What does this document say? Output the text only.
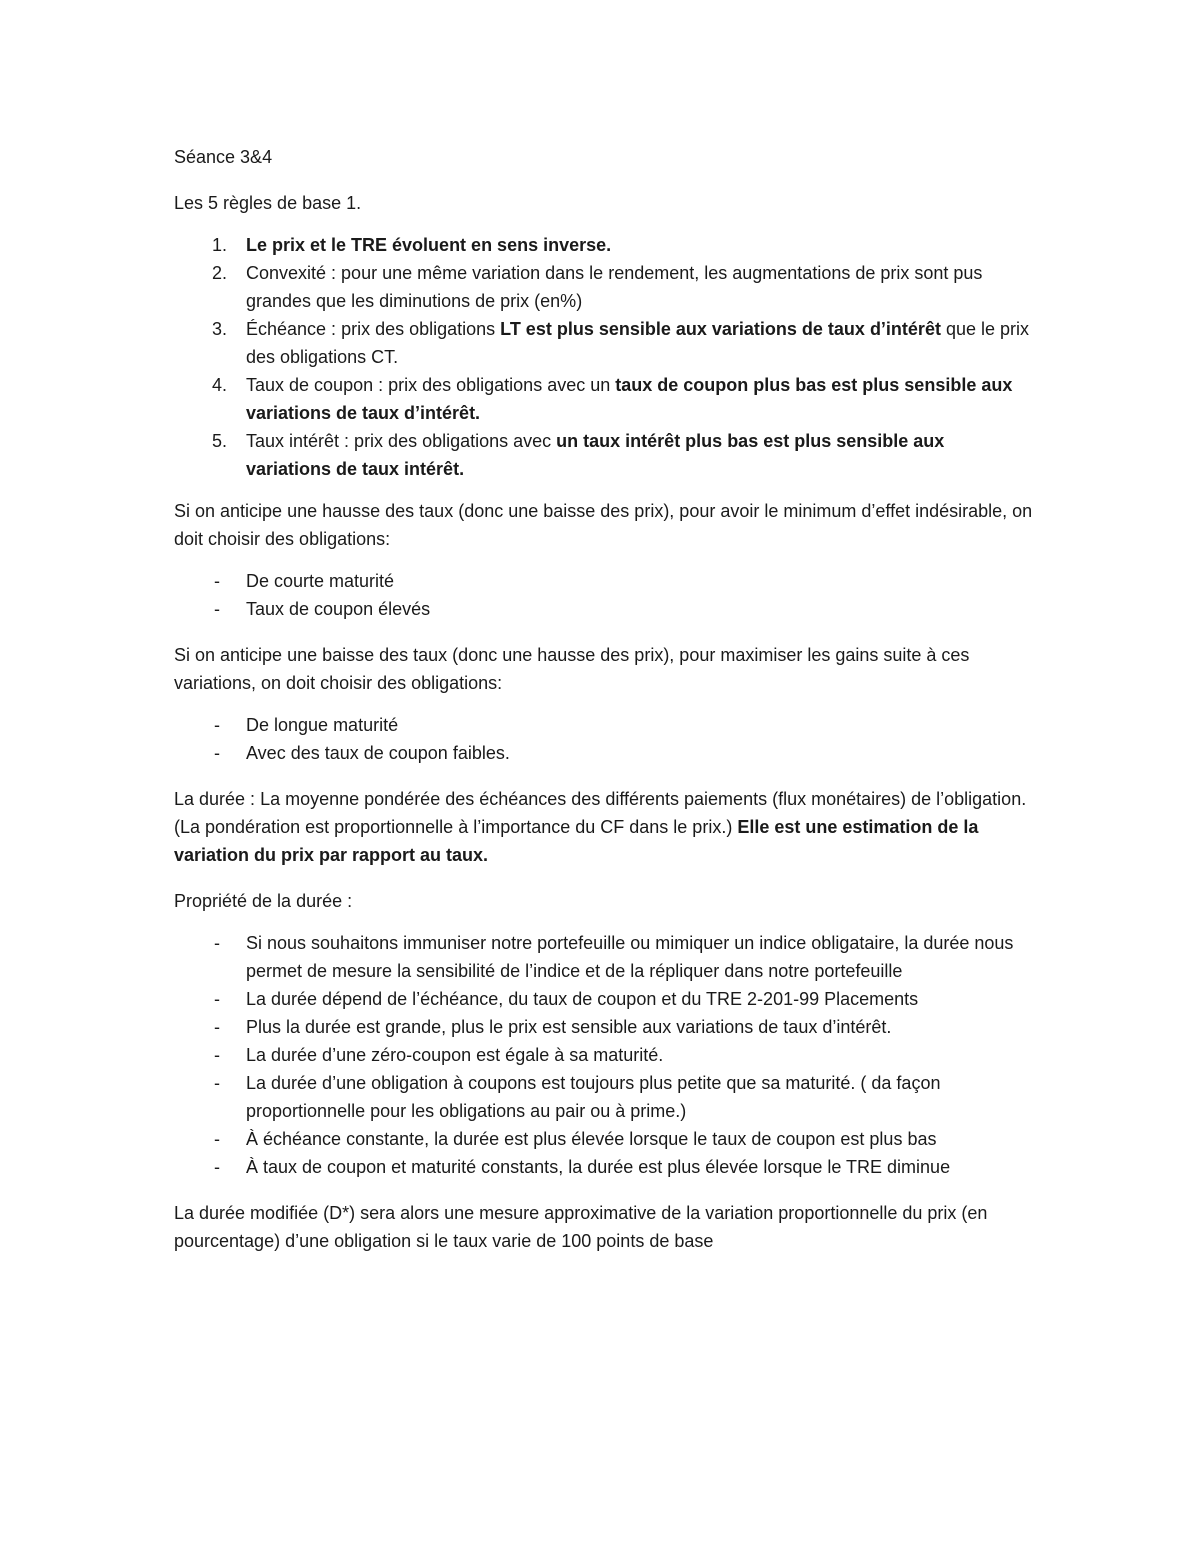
Séance 3&4

Les 5 règles de base 1.

1. Le prix et le TRE évoluent en sens inverse.
2. Convexité : pour une même variation dans le rendement, les augmentations de prix sont pus grandes que les diminutions de prix (en%)
3. Échéance : prix des obligations LT est plus sensible aux variations de taux d’intérêt que le prix des obligations CT.
4. Taux de coupon : prix des obligations avec un taux de coupon plus bas est plus sensible aux variations de taux d’intérêt.
5. Taux intérêt : prix des obligations avec un taux intérêt plus bas est plus sensible aux variations de taux intérêt.

Si on anticipe une hausse des taux (donc une baisse des prix), pour avoir le minimum d’effet indésirable, on doit choisir des obligations:

- De courte maturité
- Taux de coupon élevés

Si on anticipe une baisse des taux (donc une hausse des prix), pour maximiser les gains suite à ces variations, on doit choisir des obligations:

- De longue maturité
- Avec des taux de coupon faibles.

La durée : La moyenne pondérée des échéances des différents paiements (flux monétaires) de l’obligation. (La pondération est proportionnelle à l’importance du CF dans le prix.) Elle est une estimation de la variation du prix par rapport au taux.

Propriété de la durée :

- Si nous souhaitons immuniser notre portefeuille ou mimiquer un indice obligataire, la durée nous permet de mesure la sensibilité de l’indice et de la répliquer dans notre portefeuille
- La durée dépend de l’échéance, du taux de coupon et du TRE 2-201-99 Placements
- Plus la durée est grande, plus le prix est sensible aux variations de taux d’intérêt.
- La durée d’une zéro-coupon est égale à sa maturité.
- La durée d’une obligation à coupons est toujours plus petite que sa maturité. ( da façon proportionnelle pour les obligations au pair ou à prime.)
- À échéance constante, la durée est plus élevée lorsque le taux de coupon est plus bas
- À taux de coupon et maturité constants, la durée est plus élevée lorsque le TRE diminue

La durée modifiée (D*) sera alors une mesure approximative de la variation proportionnelle du prix (en pourcentage) d’une obligation si le taux varie de 100 points de base
